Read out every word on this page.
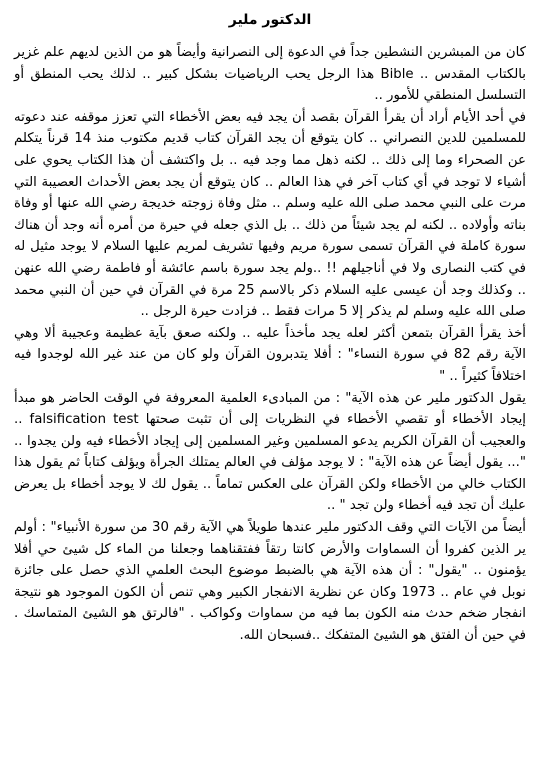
الدكتور ملير

كان من المبشرين النشطين جداً في الدعوة إلى النصرانية وأيضاً هو من الذين لديهم علم غزير بالكتاب المقدس .. Bible هذا الرجل يحب الرياضيات بشكل كبير .. لذلك يحب المنطق أو التسلسل المنطقي للأمور ..

في أحد الأيام أراد أن يقرأ القرآن بقصد أن يجد فيه بعض الأخطاء التي تعزز موقفه عند دعوته للمسلمين للدين النصراني .. كان يتوقع أن يجد القرآن كتاب قديم مكتوب منذ 14 قرناً يتكلم عن الصحراء وما إلى ذلك .. لكنه ذهل مما وجد فيه .. بل واكتشف أن هذا الكتاب يحوي على أشياء لا توجد في أي كتاب آخر في هذا العالم .. كان يتوقع أن يجد بعض الأحداث العصيبة التي مرت على النبي محمد صلى الله عليه وسلم .. مثل وفاة زوجته خديجة رضي الله عنها أو وفاة بناته وأولاده .. لكنه لم يجد شيئاً من ذلك .. بل الذي جعله في حيرة من أمره أنه وجد أن هناك سورة كاملة في القرآن تسمى سورة مريم وفيها تشريف لمريم عليها السلام لا يوجد مثيل له في كتب النصارى ولا في أناجيلهم !! ..ولم يجد سورة باسم عائشة أو فاطمة رضي الله عنهن .. وكذلك وجد أن عيسى عليه السلام ذكر بالاسم 25 مرة في القرآن في حين أن النبي محمد صلى الله عليه وسلم لم يذكر إلا 5 مرات فقط .. فزادت حيرة الرجل ..

أخذ يقرأ القرآن بتمعن أكثر لعله يجد مأخذاً عليه .. ولكنه صعق بآية عظيمة وعجيبة ألا وهي الآية رقم 82 في سورة النساء" : أفلا يتدبرون القرآن ولو كان من عند غير الله لوجدوا فيه اختلافاً كثيراً .. "

يقول الدكتور ملير عن هذه الآية" : من المبادىء العلمية المعروفة في الوقت الحاضر هو مبدأ إيجاد الأخطاء أو تقصي الأخطاء في النظريات إلى أن تثبت صحتها falsification test .. والعجيب أن القرآن الكريم يدعو المسلمين وغير المسلمين إلى إيجاد الأخطاء فيه ولن يجدوا .. "... يقول أيضاً عن هذه الآية" : لا يوجد مؤلف في العالم يمتلك الجرأة ويؤلف كتاباً ثم يقول هذا الكتاب خالي من الأخطاء ولكن القرآن على العكس تماماً .. يقول لك لا يوجد أخطاء بل يعرض عليك أن تجد فيه أخطاء ولن تجد " ..

أيضاً من الآيات التي وقف الدكتور ملير عندها طويلاً هي الآية رقم 30 من سورة الأنبياء" : أولم ير الذين كفروا أن السماوات والأرض كانتا رتقاً ففتقناهما وجعلنا من الماء كل شيئ حي أفلا يؤمنون .. "يقول" : أن هذه الآية هي بالضبط موضوع البحث العلمي الذي حصل على جائزة نوبل في عام .. 1973 وكان عن نظرية الانفجار الكبير وهي تنص أن الكون الموجود هو نتيجة انفجار ضخم حدث منه الكون بما فيه من سماوات وكواكب . "فالرتق هو الشيئ المتماسك . في حين أن الفتق هو الشيئ المتفكك ..فسبحان الله.
